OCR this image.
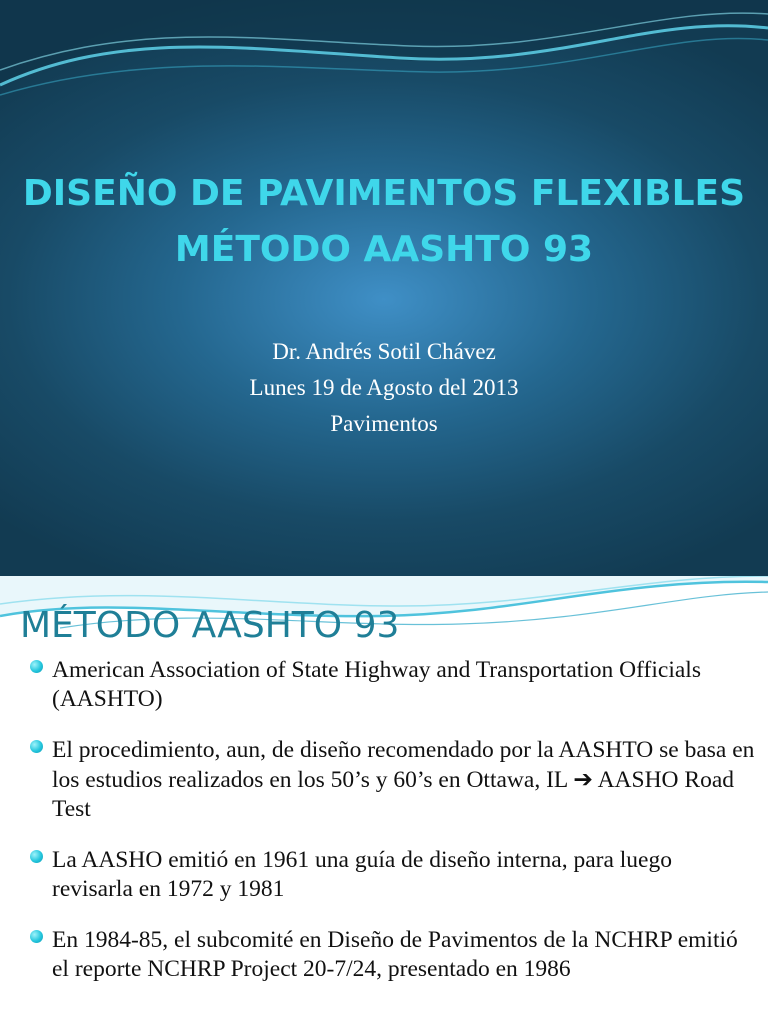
DISEÑO DE PAVIMENTOS FLEXIBLES
MÉTODO AASHTO 93
Dr. Andrés Sotil Chávez
Lunes 19 de Agosto del 2013
Pavimentos
MÉTODO AASHTO 93
American Association of State Highway and Transportation Officials (AASHTO)
El procedimiento, aun, de diseño recomendado por la AASHTO se basa en los estudios realizados en los 50’s y 60’s en Ottawa, IL ➔ AASHO Road Test
La AASHO emitió en 1961 una guía de diseño interna, para luego revisarla en 1972 y 1981
En 1984-85, el subcomité en Diseño de Pavimentos de la NCHRP emitió el reporte NCHRP Project 20-7/24, presentado en 1986
